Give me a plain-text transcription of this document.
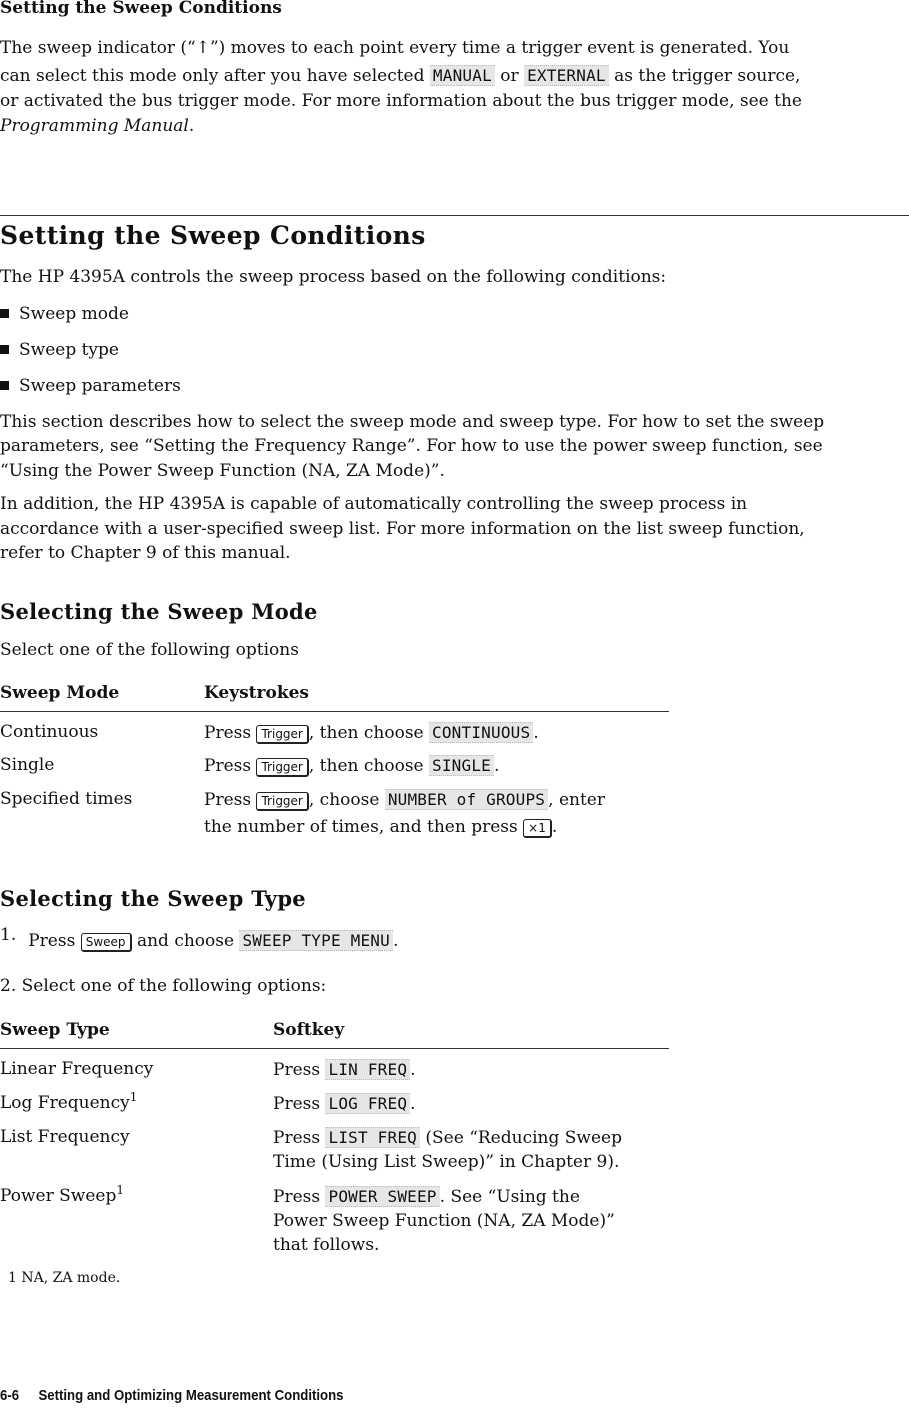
Setting the Sweep Conditions

The sweep indicator (“↑”) moves to each point every time a trigger event is generated. You

can select this mode only after you have selected MANUAL or EXTERNAL as the trigger source,

or activated the bus trigger mode. For more information about the bus trigger mode, see the

Programming Manual.

Setting the Sweep Conditions

The HP 4395A controls the sweep process based on the following conditions:

Sweep mode
Sweep type
Sweep parameters

This section describes how to select the sweep mode and sweep type. For how to set the sweep

parameters, see “Setting the Frequency Range”. For how to use the power sweep function, see

“Using the Power Sweep Function (NA, ZA Mode)”.

In addition, the HP 4395A is capable of automatically controlling the sweep process in

accordance with a user-specified sweep list. For more information on the list sweep function,

refer to Chapter 9 of this manual.

Selecting the Sweep Mode

Select one of the following options

Sweep Mode	Keystrokes
Continuous	Press Trigger , then choose CONTINUOUS .
Single	Press Trigger , then choose SINGLE .
Specified times	Press Trigger , choose NUMBER of GROUPS , enter
the number of times, and then press ×1 .
Selecting the Sweep Type
1. Press Sweep and choose SWEEP TYPE MENU .

2. Select one of the following options:

Sweep Type	Softkey
Linear Frequency	Press LIN FREQ .
Log Frequency$^1$	Press LOG FREQ .
List Frequency	Press LIST FREQ (See “Reducing Sweep
Time (Using List Sweep)” in Chapter 9).
Power Sweep$^1$	Press POWER SWEEP . See “Using the
Power Sweep Function (NA, ZA Mode)”
that follows.
1 NA, ZA mode.
6-6 Setting and Optimizing Measurement Conditions
